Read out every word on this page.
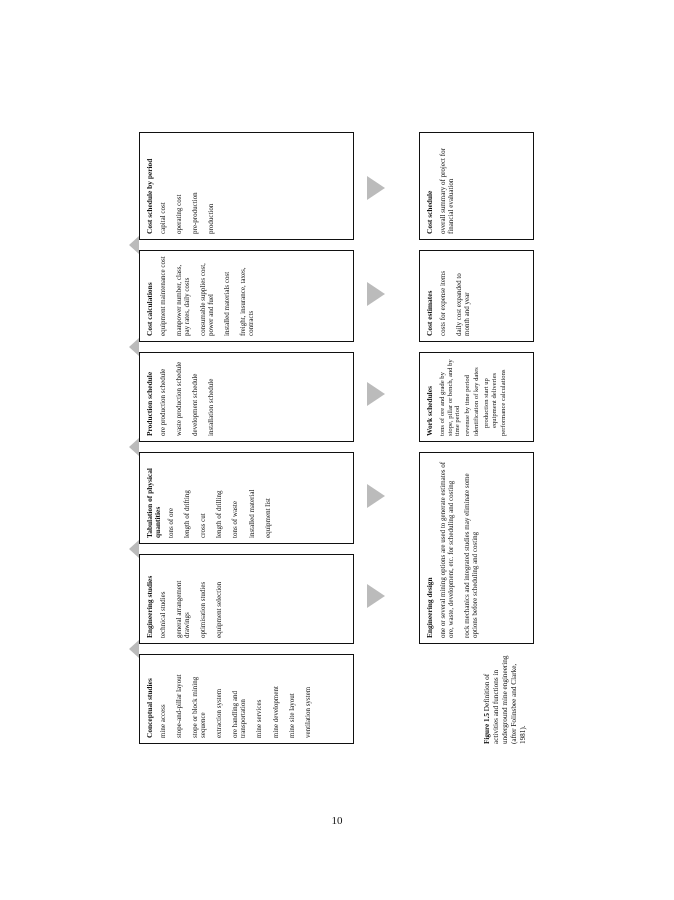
Conceptual studies mine access stope-and-pillar layout stope or block mining sequence extraction system ore handling and transportation mine services mine development mine site layout ventilation system
Engineering studies technical studies general arrangement drawings optimisation studies equipment selection
Tabulation of physical quantities tons of ore length of drifting cross cut length of drilling tons of waste installed material equipment list
Production schedule ore production schedule waste production schedule development schedule installation schedule
Cost calculations equipment maintenance cost manpower number, class, pay rates, daily costs consumable supplies cost, power and fuel installed materials cost freight, insurance, taxes, contracts
Cost schedule by period capital cost operating cost pre-production production
Engineering design one or several mining options are used to generate estimates of ore, waste, development, etc. for scheduling and costing rock mechanics and integrated studies may eliminate some options before scheduling and costing
Work schedules tons of ore and grade by stope, pillar or bench, and by time period revenue by time period identification of key dates production start up equipment deliveries performance calculations
Cost estimates costs for expense items daily cost expanded to month and year
Cost schedule overall summary of project for financial evaluation
Figure 1.5 Definition of activities and functions in underground mine engineering (after Folinsbee and Clarke, 1981).
10
